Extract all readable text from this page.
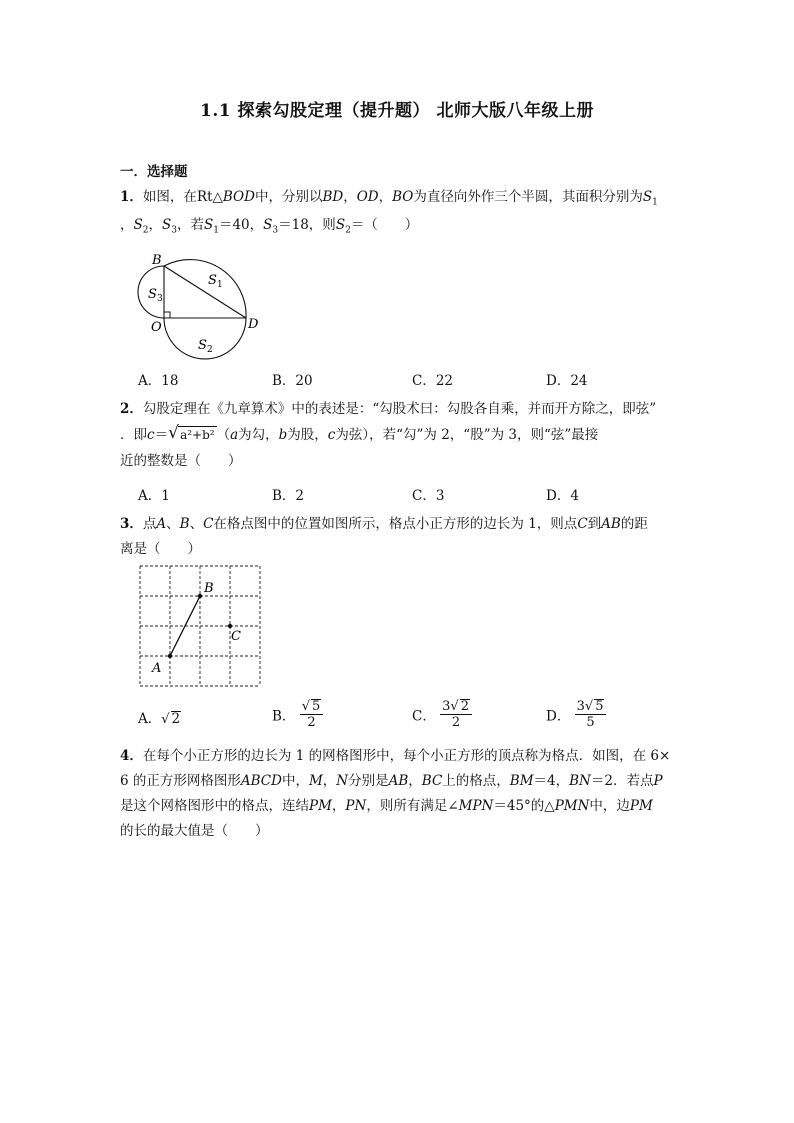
1.1 探索勾股定理（提升题） 北师大版八年级上册
一．选择题
1．如图，在Rt△BOD中，分别以BD，OD，BO为直径向外作三个半圆，其面积分别为$S_1$
，$S_2$，$S_3$，若$S_1=40$，$S_3=18$，则$S_2=$（　　）
B
O	D
S 1
S 3
S 2
A．18	B．20	C．22	D．24
2．勾股定理在《九章算术》中的表述是：“勾股术曰：勾股各自乘，并而开方除之，即弦”
．即c＝ √ a²+b² （a为勾，b为股，c为弦），若“勾”为 2，“股”为 3，则“弦”最接
近的整数是（　　）
A．1	B．2	C．3	D．4
3．点A、B、C在格点图中的位置如图所示，格点小正方形的边长为 1，则点C到AB的距
离是（　　）
A
B
C
A．√ 2	B． $\frac{√ 5}{2}$	C． $\frac{3√ 2}{2}$	D． $\frac{3√ 5}{5}$
4．在每个小正方形的边长为 1 的网格图形中，每个小正方形的顶点称为格点．如图，在 6×
6 的正方形网格图形ABCD中，M，N分别是AB，BC上的格点，BM＝4，BN＝2．若点P
是这个网格图形中的格点，连结PM，PN，则所有满足∠MPN＝45°的△PMN中，边PM
的长的最大值是（　　）
